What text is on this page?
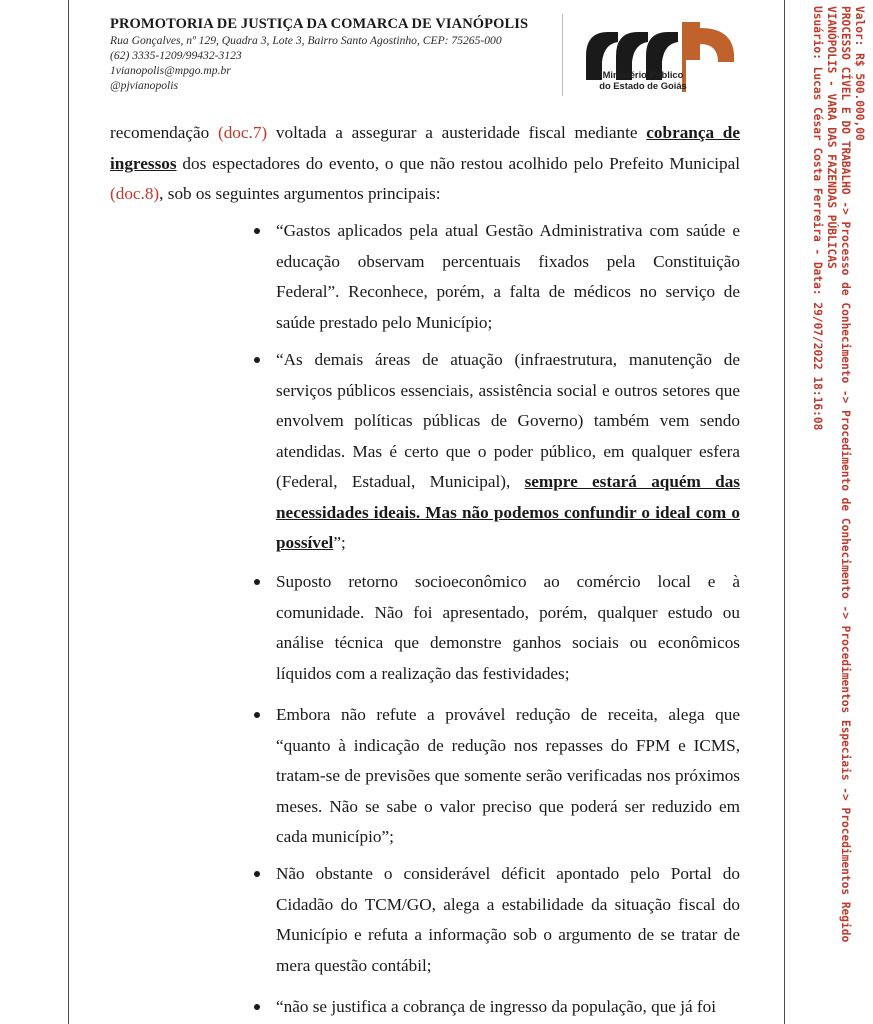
PROMOTORIA DE JUSTIÇA DA COMARCA DE VIANÓPOLIS
Rua Gonçalves, nº 129, Quadra 3, Lote 3, Bairro Santo Agostinho, CEP: 75265-000
(62) 3335-1209/99432-3123
1vianopolis@mpgo.mp.br
@pjvianopolis
Ministério Público
do Estado de Goiás
recomendação (doc.7) voltada a assegurar a austeridade fiscal mediante cobrança de ingressos dos espectadores do evento, o que não restou acolhido pelo Prefeito Municipal (doc.8), sob os seguintes argumentos principais:
“Gastos aplicados pela atual Gestão Administrativa com saúde e educação observam percentuais fixados pela Constituição Federal”. Reconhece, porém, a falta de médicos no serviço de saúde prestado pelo Município;
“As demais áreas de atuação (infraestrutura, manutenção de serviços públicos essenciais, assistência social e outros setores que envolvem políticas públicas de Governo) também vem sendo atendidas. Mas é certo que o poder público, em qualquer esfera (Federal, Estadual, Municipal), sempre estará aquém das necessidades ideais. Mas não podemos confundir o ideal com o possível”;
Suposto retorno socioeconômico ao comércio local e à comunidade. Não foi apresentado, porém, qualquer estudo ou análise técnica que demonstre ganhos sociais ou econômicos líquidos com a realização das festividades;
Embora não refute a provável redução de receita, alega que “quanto à indicação de redução nos repasses do FPM e ICMS, tratam-se de previsões que somente serão verificadas nos próximos meses. Não se sabe o valor preciso que poderá ser reduzido em cada município”;
Não obstante o considerável déficit apontado pelo Portal do Cidadão do TCM/GO, alega a estabilidade da situação fiscal do Município e refuta a informação sob o argumento de se tratar de mera questão contábil;
“não se justifica a cobrança de ingresso da população, que já foi
Valor: R$ 500.000,00
PROCESSO CÍVEL E DO TRABALHO -> Processo de Conhecimento -> Procedimento de Conhecimento -> Procedimentos Especiais -> Procedimentos Regido
VIANÓPOLIS - VARA DAS FAZENDAS PÚBLICAS
Usuário: Lucas César Costa Ferreira - Data: 29/07/2022 18:16:08
